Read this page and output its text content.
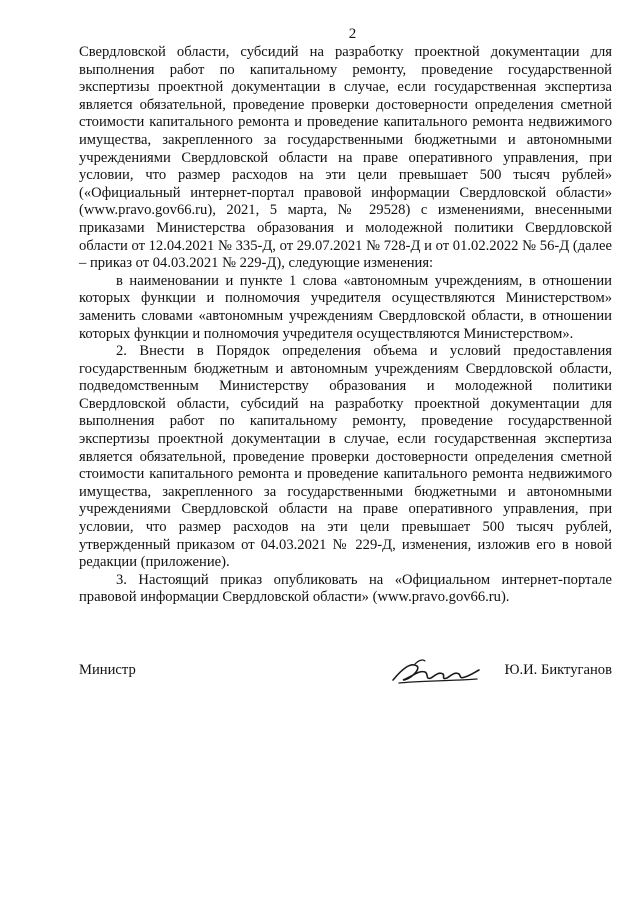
2

Свердловской области, субсидий на разработку проектной документации для выполнения работ по капитальному ремонту, проведение государственной экспертизы проектной документации в случае, если государственная экспертиза является обязательной, проведение проверки достоверности определения сметной стоимости капитального ремонта и проведение капитального ремонта недвижимого имущества, закрепленного за государственными бюджетными и автономными учреждениями Свердловской области на праве оперативного управления, при условии, что размер расходов на эти цели превышает 500 тысяч рублей» («Официальный интернет-портал правовой информации Свердловской области» (www.pravo.gov66.ru), 2021, 5 марта, № 29528) с изменениями, внесенными приказами Министерства образования и молодежной политики Свердловской области от 12.04.2021 № 335-Д, от 29.07.2021 № 728-Д и от 01.02.2022 № 56-Д (далее – приказ от 04.03.2021 № 229-Д), следующие изменения:

в наименовании и пункте 1 слова «автономным учреждениям, в отношении которых функции и полномочия учредителя осуществляются Министерством» заменить словами «автономным учреждениям Свердловской области, в отношении которых функции и полномочия учредителя осуществляются Министерством».

2. Внести в Порядок определения объема и условий предоставления государственным бюджетным и автономным учреждениям Свердловской области, подведомственным Министерству образования и молодежной политики Свердловской области, субсидий на разработку проектной документации для выполнения работ по капитальному ремонту, проведение государственной экспертизы проектной документации в случае, если государственная экспертиза является обязательной, проведение проверки достоверности определения сметной стоимости капитального ремонта и проведение капитального ремонта недвижимого имущества, закрепленного за государственными бюджетными и автономными учреждениями Свердловской области на праве оперативного управления, при условии, что размер расходов на эти цели превышает 500 тысяч рублей, утвержденный приказом от 04.03.2021 № 229-Д, изменения, изложив его в новой редакции (приложение).

3. Настоящий приказ опубликовать на «Официальном интернет-портале правовой информации Свердловской области» (www.pravo.gov66.ru).

Министр	Ю.И. Биктуганов
